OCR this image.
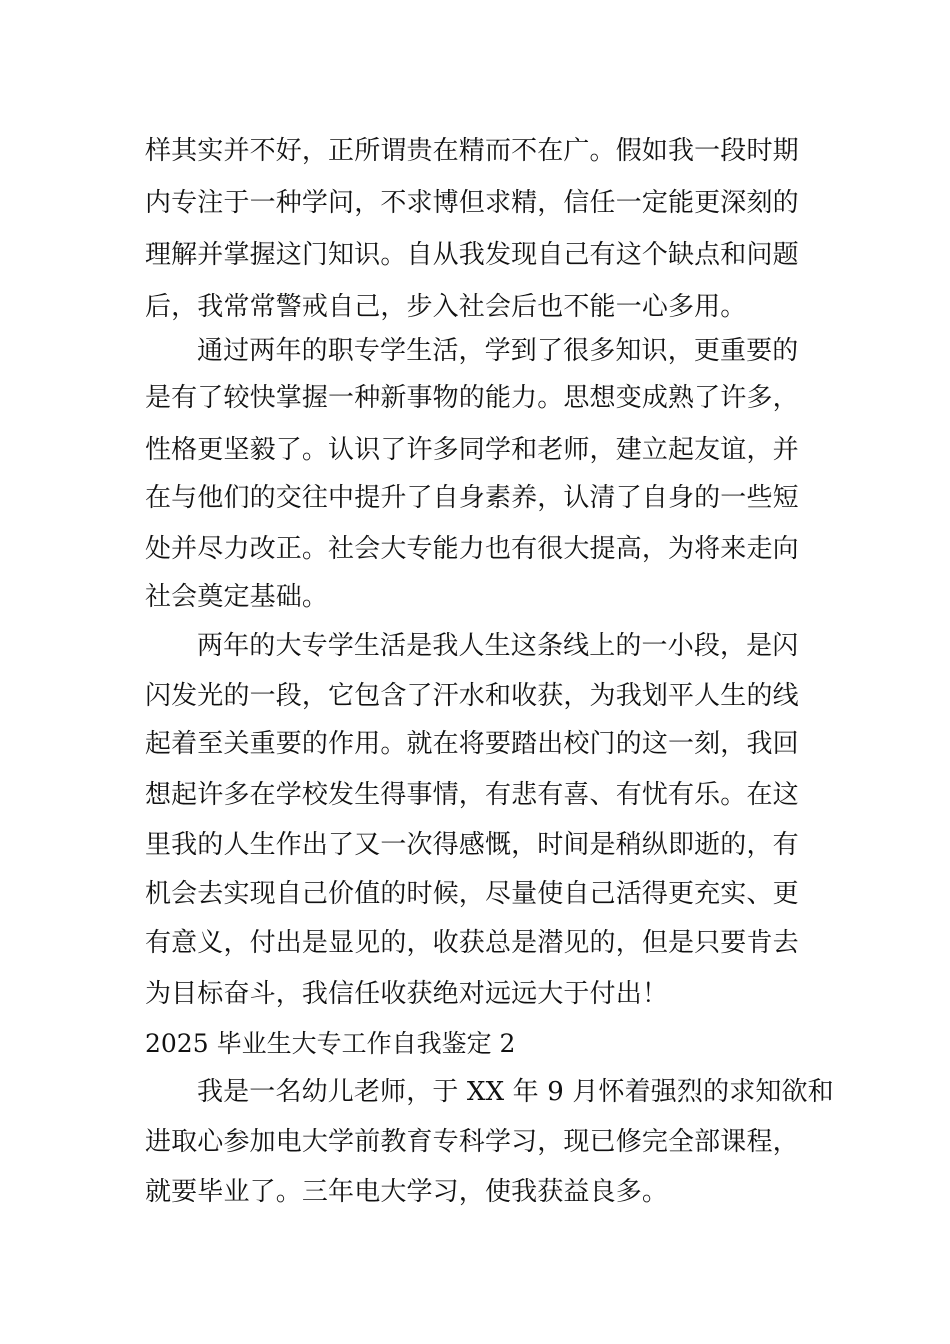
样其实并不好，正所谓贵在精而不在广。假如我一段时期
内专注于一种学问，不求博但求精，信任一定能更深刻的
理解并掌握这门知识。自从我发现自己有这个缺点和问题
后，我常常警戒自己，步入社会后也不能一心多用。
通过两年的职专学生活，学到了很多知识，更重要的
是有了较快掌握一种新事物的能力。思想变成熟了许多，
性格更坚毅了。认识了许多同学和老师，建立起友谊，并
在与他们的交往中提升了自身素养，认清了自身的一些短
处并尽力改正。社会大专能力也有很大提高，为将来走向
社会奠定基础。
两年的大专学生活是我人生这条线上的一小段，是闪
闪发光的一段，它包含了汗水和收获，为我划平人生的线
起着至关重要的作用。就在将要踏出校门的这一刻，我回
想起许多在学校发生得事情，有悲有喜、有忧有乐。在这
里我的人生作出了又一次得感慨，时间是稍纵即逝的，有
机会去实现自己价值的时候，尽量使自己活得更充实、更
有意义，付出是显见的，收获总是潜见的，但是只要肯去
为目标奋斗，我信任收获绝对远远大于付出！
2025 毕业生大专工作自我鉴定 2
我是一名幼儿老师，于 XX 年 9 月怀着强烈的求知欲和
进取心参加电大学前教育专科学习，现已修完全部课程，
就要毕业了。三年电大学习，使我获益良多。
